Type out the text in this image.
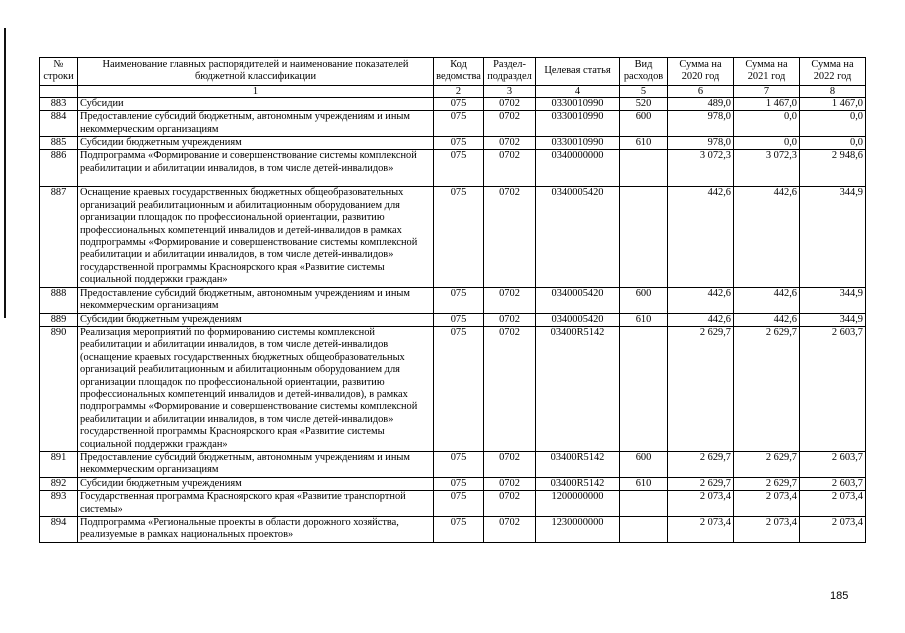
№ строки	Наименование главных распорядителей и наименование показателей бюджетной классификации	Код ведомства	Раздел-подраздел	Целевая статья	Вид расходов	Сумма на 2020 год	Сумма на 2021 год	Сумма на 2022 год
	1	2	3	4	5	6	7	8
883	Субсидии	075	0702	0330010990	520	489,0	1 467,0	1 467,0
884	Предоставление субсидий бюджетным, автономным учреждениям и иным некоммерческим организациям	075	0702	0330010990	600	978,0	0,0	0,0
885	Субсидии бюджетным учреждениям	075	0702	0330010990	610	978,0	0,0	0,0
886	Подпрограмма «Формирование и совершенствование системы комплексной реабилитации и абилитации инвалидов, в том числе детей-инвалидов»	075	0702	0340000000		3 072,3	3 072,3	2 948,6
887	Оснащение краевых государственных бюджетных общеобразовательных организаций реабилитационным и абилитационным оборудованием для организации площадок по профессиональной ориентации, развитию профессиональных компетенций инвалидов и детей-инвалидов в рамках подпрограммы «Формирование и совершенствование системы комплексной реабилитации и абилитации инвалидов, в том числе детей-инвалидов» государственной программы Красноярского края «Развитие системы социальной поддержки граждан»	075	0702	0340005420		442,6	442,6	344,9
888	Предоставление субсидий бюджетным, автономным учреждениям и иным некоммерческим организациям	075	0702	0340005420	600	442,6	442,6	344,9
889	Субсидии бюджетным учреждениям	075	0702	0340005420	610	442,6	442,6	344,9
890	Реализация мероприятий по формированию системы комплексной реабилитации и абилитации инвалидов, в том числе детей-инвалидов (оснащение краевых государственных бюджетных общеобразовательных организаций реабилитационным и абилитационным оборудованием для организации площадок по профессиональной ориентации, развитию профессиональных компетенций инвалидов и детей-инвалидов), в рамках подпрограммы «Формирование и совершенствование системы комплексной реабилитации и абилитации инвалидов, в том числе детей-инвалидов» государственной программы Красноярского края «Развитие системы социальной поддержки граждан»	075	0702	03400R5142		2 629,7	2 629,7	2 603,7
891	Предоставление субсидий бюджетным, автономным учреждениям и иным некоммерческим организациям	075	0702	03400R5142	600	2 629,7	2 629,7	2 603,7
892	Субсидии бюджетным учреждениям	075	0702	03400R5142	610	2 629,7	2 629,7	2 603,7
893	Государственная программа Красноярского края «Развитие транспортной системы»	075	0702	1200000000		2 073,4	2 073,4	2 073,4
894	Подпрограмма «Региональные проекты в области дорожного хозяйства, реализуемые в рамках национальных проектов»	075	0702	1230000000		2 073,4	2 073,4	2 073,4
185
